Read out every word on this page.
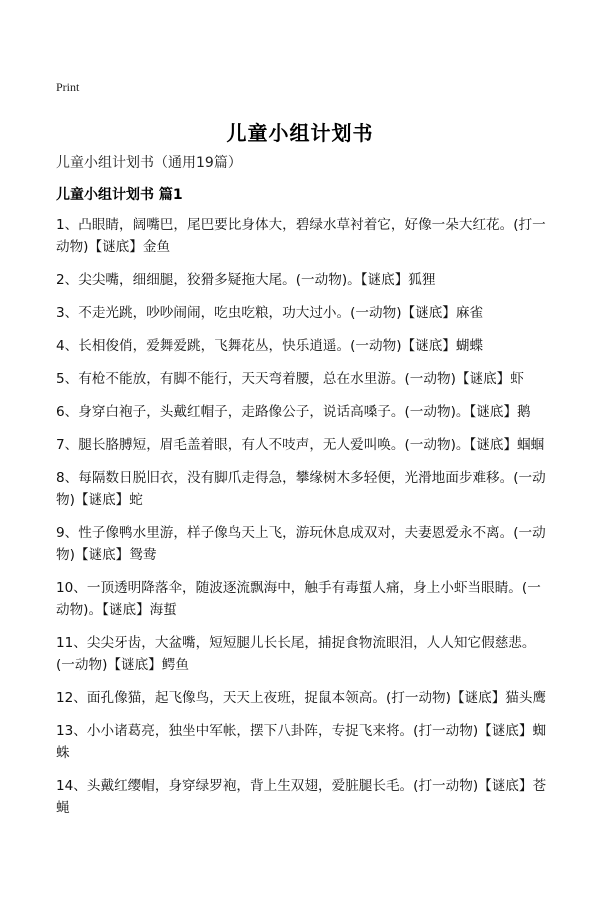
Print
儿童小组计划书
儿童小组计划书（通用19篇）
儿童小组计划书 篇1
1、凸眼睛，阔嘴巴，尾巴要比身体大，碧绿水草衬着它，好像一朵大红花。(打一动物)【谜底】金鱼
2、尖尖嘴，细细腿，狡猾多疑拖大尾。(一动物)。【谜底】狐狸
3、不走光跳，吵吵闹闹，吃虫吃粮，功大过小。(一动物)【谜底】麻雀
4、长相俊俏，爱舞爱跳，飞舞花丛，快乐逍遥。(一动物)【谜底】蝴蝶
5、有枪不能放，有脚不能行，天天弯着腰，总在水里游。(一动物)【谜底】虾
6、身穿白袍子，头戴红帽子，走路像公子，说话高嗓子。(一动物)。【谜底】鹅
7、腿长胳膊短，眉毛盖着眼，有人不吱声，无人爱叫唤。(一动物)。【谜底】蝈蝈
8、每隔数日脱旧衣，没有脚爪走得急，攀缘树木多轻便，光滑地面步难移。(一动物)【谜底】蛇
9、性子像鸭水里游，样子像鸟天上飞，游玩休息成双对，夫妻恩爱永不离。(一动物)【谜底】鸳鸯
10、一顶透明降落伞，随波逐流飘海中，触手有毒蜇人痛，身上小虾当眼睛。(一动物)。【谜底】海蜇
11、尖尖牙齿，大盆嘴，短短腿儿长长尾，捕捉食物流眼泪，人人知它假慈悲。(一动物)【谜底】鳄鱼
12、面孔像猫，起飞像鸟，天天上夜班，捉鼠本领高。(打一动物)【谜底】猫头鹰
13、小小诸葛亮，独坐中军帐，摆下八卦阵，专捉飞来将。(打一动物)【谜底】蜘蛛
14、头戴红缨帽，身穿绿罗袍，背上生双翅，爱脏腿长毛。(打一动物)【谜底】苍蝇
